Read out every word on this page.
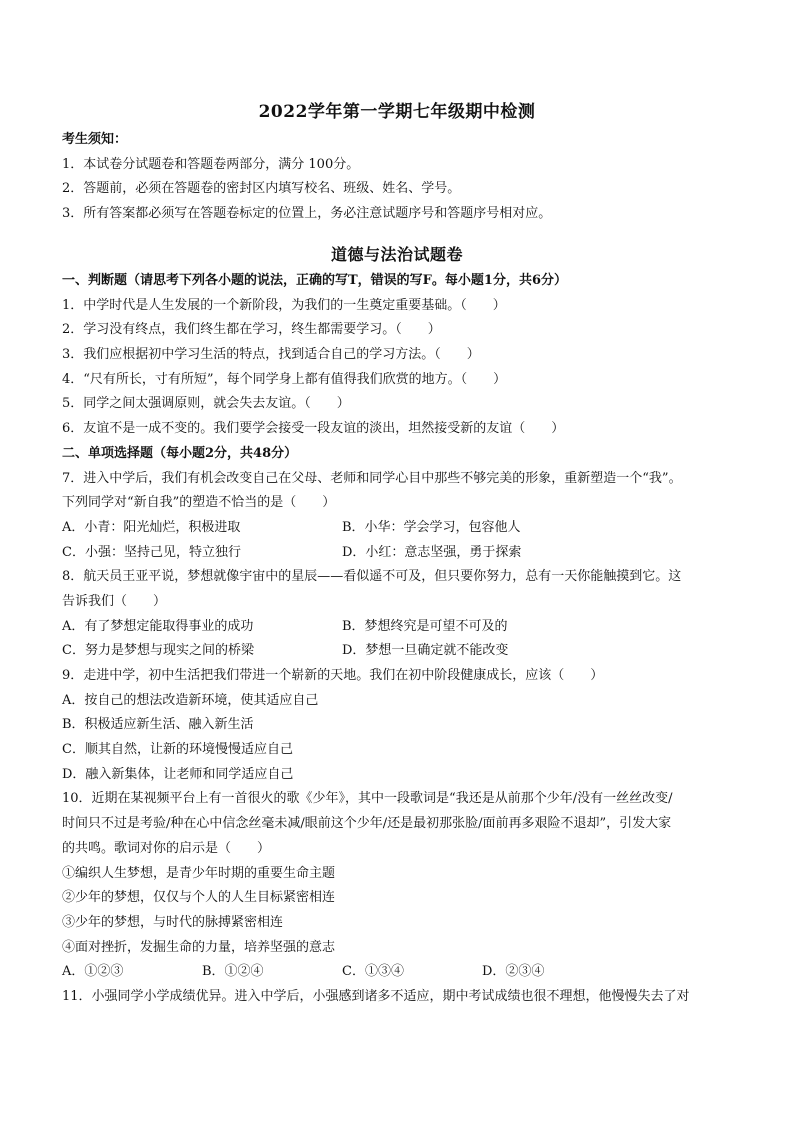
2022学年第一学期七年级期中检测
考生须知：
1．本试卷分试题卷和答题卷两部分，满分 100分。
2．答题前，必须在答题卷的密封区内填写校名、班级、姓名、学号。
3．所有答案都必须写在答题卷标定的位置上，务必注意试题序号和答题序号相对应。
道德与法治试题卷
一、判断题（请思考下列各小题的说法，正确的写T，错误的写F。每小题1分，共6分）
1．中学时代是人生发展的一个新阶段，为我们的一生奠定重要基础。（　　）
2．学习没有终点，我们终生都在学习，终生都需要学习。（　　）
3．我们应根据初中学习生活的特点，找到适合自己的学习方法。（　　）
4．“尺有所长，寸有所短”，每个同学身上都有值得我们欣赏的地方。（　　）
5．同学之间太强调原则，就会失去友谊。（　　）
6．友谊不是一成不变的。我们要学会接受一段友谊的淡出，坦然接受新的友谊（　　）
二、单项选择题（每小题2分，共48分）
7．进入中学后，我们有机会改变自己在父母、老师和同学心目中那些不够完美的形象，重新塑造一个“我”。
下列同学对“新自我”的塑造不恰当的是（　　）
A．小青：阳光灿烂，积极进取	B．小华：学会学习，包容他人
C．小强：坚持己见，特立独行	D．小红：意志坚强，勇于探索
8．航天员王亚平说，梦想就像宇宙中的星辰——看似遥不可及，但只要你努力，总有一天你能触摸到它。这
告诉我们（　　）
A．有了梦想定能取得事业的成功	B．梦想终究是可望不可及的
C．努力是梦想与现实之间的桥梁	D．梦想一旦确定就不能改变
9．走进中学，初中生活把我们带进一个崭新的天地。我们在初中阶段健康成长，应该（　　）
A．按自己的想法改造新环境，使其适应自己
B．积极适应新生活、融入新生活
C．顺其自然，让新的环境慢慢适应自己
D．融入新集体，让老师和同学适应自己
10．近期在某视频平台上有一首很火的歌《少年》，其中一段歌词是“我还是从前那个少年/没有一丝丝改变/
时间只不过是考验/种在心中信念丝毫未减/眼前这个少年/还是最初那张脸/面前再多艰险不退却”，引发大家
的共鸣。歌词对你的启示是（　　）
①编织人生梦想，是青少年时期的重要生命主题
②少年的梦想，仅仅与个人的人生目标紧密相连
③少年的梦想，与时代的脉搏紧密相连
④面对挫折，发掘生命的力量，培养坚强的意志
A．①②③	B．①②④	C．①③④	D．②③④
11．小强同学小学成绩优异。进入中学后，小强感到诸多不适应，期中考试成绩也很不理想，他慢慢失去了对
